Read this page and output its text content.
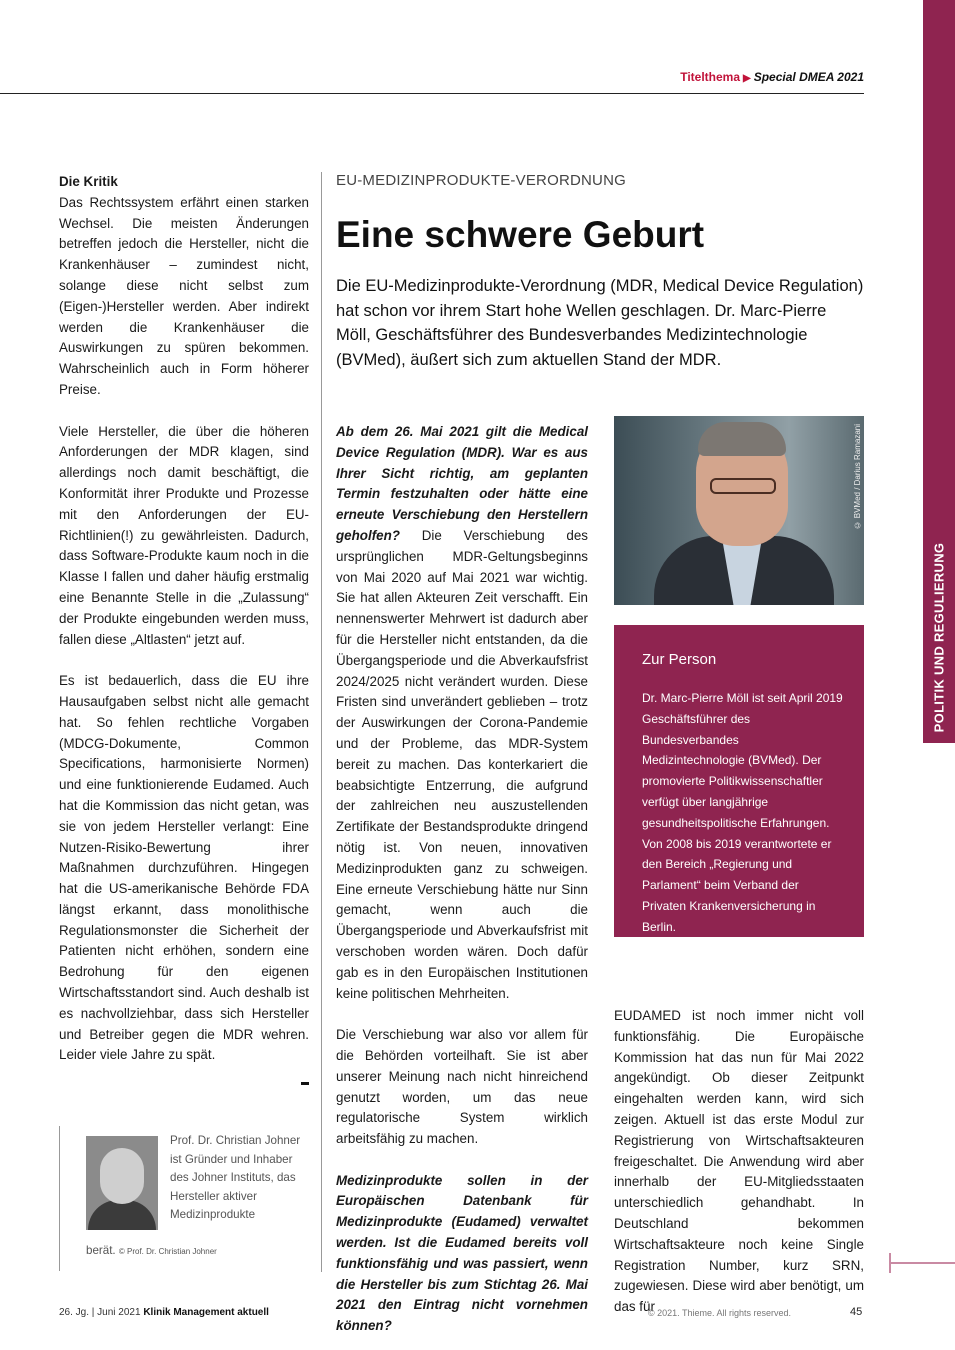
Titelthema ▶ Special DMEA 2021
POLITIK UND REGULIERUNG
Die Kritik

Das Rechtssystem erfährt einen starken Wechsel. Die meisten Änderungen betreffen jedoch die Hersteller, nicht die Krankenhäuser – zumindest nicht, solange diese nicht selbst zum (Eigen-)Hersteller werden. Aber indirekt werden die Krankenhäuser die Auswirkungen zu spüren bekommen. Wahrscheinlich auch in Form höherer Preise.

Viele Hersteller, die über die höheren Anforderungen der MDR klagen, sind allerdings noch damit beschäftigt, die Konformität ihrer Produkte und Prozesse mit den Anforderungen der EU-Richtlinien(!) zu gewährleisten. Dadurch, dass Software-Produkte kaum noch in die Klasse I fallen und daher häufig erstmalig eine Benannte Stelle in die „Zulassung“ der Produkte eingebunden werden muss, fallen diese „Altlasten“ jetzt auf.

Es ist bedauerlich, dass die EU ihre Hausaufgaben selbst nicht alle gemacht hat. So fehlen rechtliche Vorgaben (MDCG-Dokumente, Common Specifications, harmonisierte Normen) und eine funktionierende Eudamed. Auch hat die Kommission das nicht getan, was sie von jedem Hersteller verlangt: Eine Nutzen-Risiko-Bewertung ihrer Maßnahmen durchzuführen. Hingegen hat die US-amerikanische Behörde FDA längst erkannt, dass monolithische Regulationsmonster die Sicherheit der Patienten nicht erhöhen, sondern eine Bedrohung für den eigenen Wirtschaftsstandort sind. Auch deshalb ist es nachvollziehbar, dass sich Hersteller und Betreiber gegen die MDR wehren. Leider viele Jahre zu spät.

Prof. Dr. Christian Johner ist Gründer und Inhaber des Johner Instituts, das Hersteller aktiver Medizinprodukte
berät. © Prof. Dr. Christian Johner
EU-MEDIZINPRODUKTE-VERORDNUNG
Eine schwere Geburt
Die EU-Medizinprodukte-Verordnung (MDR, Medical Device Regulation) hat schon vor ihrem Start hohe Wellen geschlagen. Dr. Marc-Pierre Möll, Geschäftsführer des Bundesverbandes Medizintechnologie (BVMed), äußert sich zum aktuellen Stand der MDR.
Ab dem 26. Mai 2021 gilt die Medical Device Regulation (MDR). War es aus Ihrer Sicht richtig, am geplanten Termin festzuhalten oder hätte eine erneute Verschiebung den Herstellern geholfen? Die Verschiebung des ursprünglichen MDR-Geltungsbeginns von Mai 2020 auf Mai 2021 war wichtig. Sie hat allen Akteuren Zeit verschafft. Ein nennenswerter Mehrwert ist dadurch aber für die Hersteller nicht entstanden, da die Übergangsperiode und die Abverkaufsfrist 2024/2025 nicht verändert wurden. Diese Fristen sind unverändert geblieben – trotz der Auswirkungen der Corona-Pandemie und der Probleme, das MDR-System bereit zu machen. Das konterkariert die beabsichtigte Entzerrung, die aufgrund der zahlreichen neu auszustellenden Zertifikate der Bestandsprodukte dringend nötig ist. Von neuen, innovativen Medizinprodukten ganz zu schweigen. Eine erneute Verschiebung hätte nur Sinn gemacht, wenn auch die Übergangsperiode und Abverkaufsfrist mit verschoben worden wären. Doch dafür gab es in den Europäischen Institutionen keine politischen Mehrheiten.

Die Verschiebung war also vor allem für die Behörden vorteilhaft. Sie ist aber unserer Meinung nach nicht hinreichend genutzt worden, um das neue regulatorische System wirklich arbeitsfähig zu machen.

Medizinprodukte sollen in der Europäischen Datenbank für Medizinprodukte (Eudamed) verwaltet werden. Ist die Eudamed bereits voll funktionsfähig und was passiert, wenn die Hersteller bis zum Stichtag 26. Mai 2021 den Eintrag nicht vornehmen können?

© BVMed / Darius Ramazani
Zur Person

Dr. Marc-Pierre Möll ist seit April 2019 Geschäftsführer des Bundesverbandes Medizintechnologie (BVMed). Der promovierte Politikwissenschaftler verfügt über langjährige gesundheitspolitische Erfahrungen. Von 2008 bis 2019 verantwortete er den Bereich „Regierung und Parlament“ beim Verband der Privaten Krankenversicherung in Berlin.

EUDAMED ist noch immer nicht voll funktionsfähig. Die Europäische Kommission hat das nun für Mai 2022 angekündigt. Ob dieser Zeitpunkt eingehalten werden kann, wird sich zeigen. Aktuell ist das erste Modul zur Registrierung von Wirtschaftsakteuren freigeschaltet. Die Anwendung wird aber innerhalb der EU-Mitgliedsstaaten unterschiedlich gehandhabt. In Deutschland bekommen Wirtschaftsakteure noch keine Single Registration Number, kurz SRN, zugewiesen. Diese wird aber benötigt, um das für

26. Jg. | Juni 2021 Klinik Management aktuell	© 2021. Thieme. All rights reserved.	45
